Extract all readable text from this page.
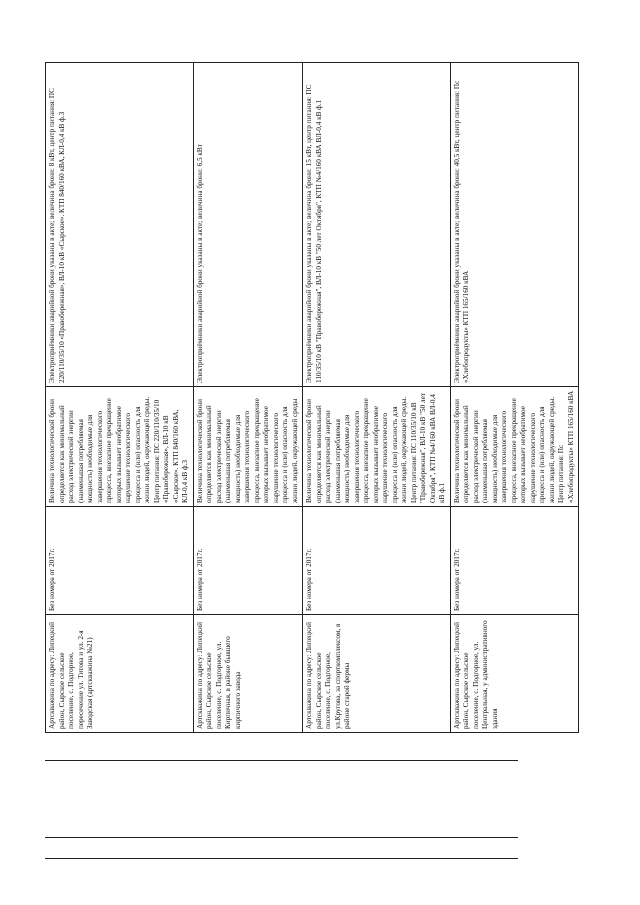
Артскважина по адресу: Липецкий район, Сырское сельское поселение, с. Подгорное, пересечение ул. Титова и ул. 2-я Заводская (артскважина №21)	Без номера от 2017г.	Величина технологической брони определяется как минимальный расход электрической энергии (наименьшая потребляемая мощность) необходимые для завершения технологического процесса, внезапное прекращение которых вызывает необратимое нарушение технологического процесса и (или) опасность для жизни людей, окружающей среды. Центр питания: ПС 220/110/35/10 «Правобережная», ВЛ-10 кВ «Сырское». КТП 840/160 кВА, КЛ-0,4 кВ ф.3	Электроприёмники аварийной брони указаны в акте; величина брони: 8 кВт, центр питания: ПС 220/110/35/10 «Правобережная», ВЛ-10 кВ «Сырское». КТП 840/160 кВА, КЛ-0,4 кВ ф.3
Артскважина по адресу: Липецкий район, Сырское сельское поселение, с. Подгорное, ул. Кирпичная, в районе бывшего кирпичного завода	Без номера от 2017г.	Величина технологической брони определяется как минимальный расход электрической энергии (наименьшая потребляемая мощность) необходимые для завершения технологического процесса, внезапное прекращение которых вызывает необратимое нарушение технологического процесса и (или) опасность для жизни людей, окружающей среды	Электроприёмники аварийной брони указаны в акте; величина брони: 6,5 кВт
Артскважина по адресу: Липецкий район, Сырское сельское поселение, с. Подгорное, ул.Кругова, за спорткомплексом, в районе старой фермы	Без номера от 2017г.	Величина технологической брони определяется как минимальный расход электрической энергии (наименьшая потребляемая мощность) необходимые для завершения технологического процесса, внезапное прекращение которых вызывает необратимое нарушение технологического процесса и (или) опасность для жизни людей, окружающей среды. Центр питания: ПС 110/35/10 кВ "Правобережная", ВЛ-10 кВ "50 лет Октября", КТП №4/160 кВА ВЛ-0,4 кВ ф.1	Электроприёмники аварийной брони указаны в акте; величина брони: 15 кВт, центр питания: ПС 110/35/10 кВ "Правобережная", ВЛ-10 кВ "50 лет Октября", КТП №4/160 кВА ВЛ-0,4 кВ ф.1
Артскважина по адресу: Липецкий район, Сырское сельское поселение, с. Подгорное, ул. Центральная, у административного здания	Без номера от 2017г.	Величина технологической брони определяется как минимальный расход электрической энергии (наименьшая потребляемая мощность) необходимые для завершения технологического процесса, внезапное прекращение которых вызывает необратимое нарушение технологического процесса и (или) опасность для жизни людей, окружающей среды. Центр питания: Пс «Хлебопродукты» КТП 165/160 кВА	Электроприёмники аварийной брони указаны в акте; величина брони: 40,5 кВт, центр питания: Пс «Хлебопродукты» КТП 165/160 кВА
